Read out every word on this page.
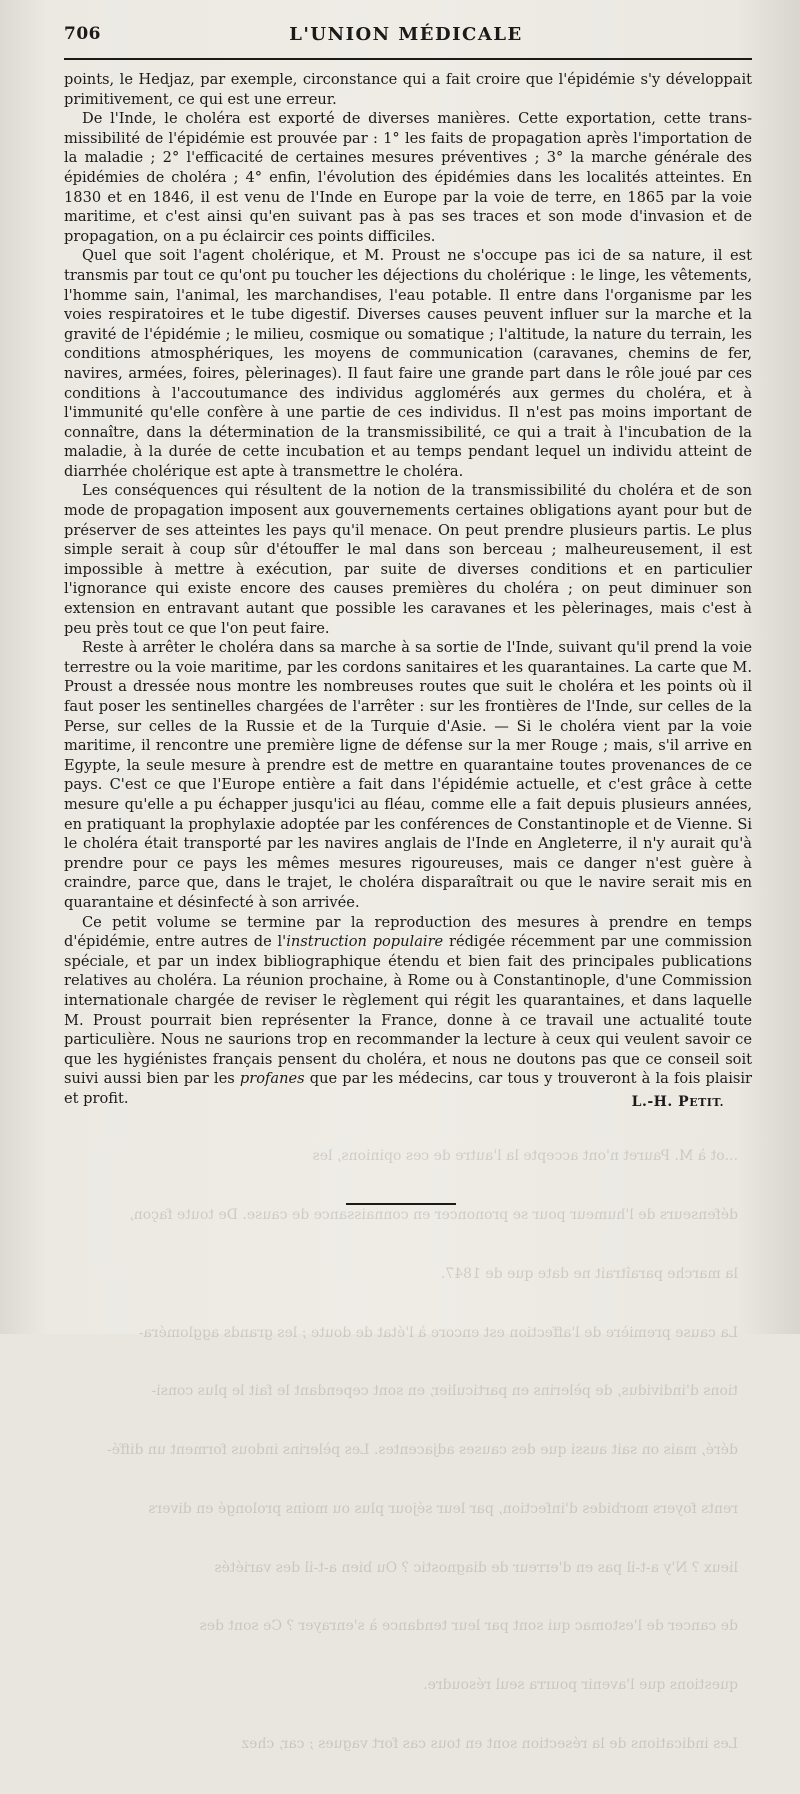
706	L'UNION MÉDICALE

...ot à M. Pauret n'ont accepte la l'autre de ces opinions, les

défenseurs de l'humeur pour se prononcer en connaissance de cause. De toute façon,

la marche paraîtrait ne date que de 1847.

La cause première de l'affection est encore à l'état de doute ; les grands aggloméra-

tions d'individus, de pèlerins en particulier, en sont cependant le fait le plus consi-

déré, mais on sait aussi que des causes adjacentes. Les pèlerins indous forment un diffé-

rents foyers morbides d'infection, par leur séjour plus ou moins prolongé en divers

lieux ? N'y a-t-il pas en d'erreur de diagnostic ? Ou bien a-t-il des variétés

de cancer de l'estomac qui sont par leur tendance à s'enrayer ? Ce sont des

questions que l'avenir pourra seul résoudre.

Les indications de la résection sont en tous cas fort vagues ; car, chez

points, le Hedjaz, par exemple, circonstance qui a fait croire que l'épidémie s'y développait primitivement, ce qui est une erreur.

De l'Inde, le choléra est exporté de diverses manières. Cette exportation, cette transmissibilité de l'épidémie est prouvée par : 1° les faits de propagation après l'importation de la maladie ; 2° l'efficacité de certaines mesures préventives ; 3° la marche générale des épidémies de choléra ; 4° enfin, l'évolution des épidémies dans les localités atteintes. En 1830 et en 1846, il est venu de l'Inde en Europe par la voie de terre, en 1865 par la voie maritime, et c'est ainsi qu'en suivant pas à pas ses traces et son mode d'invasion et de propagation, on a pu éclaircir ces points difficiles.

Quel que soit l'agent cholérique, et M. Proust ne s'occupe pas ici de sa nature, il est transmis par tout ce qu'ont pu toucher les déjections du cholérique : le linge, les vêtements, l'homme sain, l'animal, les marchandises, l'eau potable. Il entre dans l'organisme par les voies respiratoires et le tube digestif. Diverses causes peuvent influer sur la marche et la gravité de l'épidémie ; le milieu, cosmique ou somatique ; l'altitude, la nature du terrain, les conditions atmosphériques, les moyens de communication (caravanes, chemins de fer, navires, armées, foires, pèlerinages). Il faut faire une grande part dans le rôle joué par ces conditions à l'accoutumance des individus agglomérés aux germes du choléra, et à l'immunité qu'elle confère à une partie de ces individus. Il n'est pas moins important de connaître, dans la détermination de la transmissibilité, ce qui a trait à l'incubation de la maladie, à la durée de cette incubation et au temps pendant lequel un individu atteint de diarrhée cholérique est apte à transmettre le choléra.

Les conséquences qui résultent de la notion de la transmissibilité du choléra et de son mode de propagation imposent aux gouvernements certaines obligations ayant pour but de préserver de ses atteintes les pays qu'il menace. On peut prendre plusieurs partis. Le plus simple serait à coup sûr d'étouffer le mal dans son berceau ; malheureusement, il est impossible à mettre à exécution, par suite de diverses conditions et en particulier l'ignorance qui existe encore des causes premières du choléra ; on peut diminuer son extension en entravant autant que possible les caravanes et les pèlerinages, mais c'est à peu près tout ce que l'on peut faire.

Reste à arrêter le choléra dans sa marche à sa sortie de l'Inde, suivant qu'il prend la voie terrestre ou la voie maritime, par les cordons sanitaires et les quarantaines. La carte que M. Proust a dressée nous montre les nombreuses routes que suit le choléra et les points où il faut poser les sentinelles chargées de l'arrêter : sur les frontières de l'Inde, sur celles de la Perse, sur celles de la Russie et de la Turquie d'Asie. — Si le choléra vient par la voie maritime, il rencontre une première ligne de défense sur la mer Rouge ; mais, s'il arrive en Egypte, la seule mesure à prendre est de mettre en quarantaine toutes provenances de ce pays. C'est ce que l'Europe entière a fait dans l'épidémie actuelle, et c'est grâce à cette mesure qu'elle a pu échapper jusqu'ici au fléau, comme elle a fait depuis plusieurs années, en pratiquant la prophylaxie adoptée par les conférences de Constantinople et de Vienne. Si le choléra était transporté par les navires anglais de l'Inde en Angleterre, il n'y aurait qu'à prendre pour ce pays les mêmes mesures rigoureuses, mais ce danger n'est guère à craindre, parce que, dans le trajet, le choléra disparaîtrait ou que le navire serait mis en quarantaine et désinfecté à son arrivée.

Ce petit volume se termine par la reproduction des mesures à prendre en temps d'épidémie, entre autres de l'instruction populaire rédigée récemment par une commission spéciale, et par un index bibliographique étendu et bien fait des principales publications relatives au choléra. La réunion prochaine, à Rome ou à Constantinople, d'une Commission internationale chargée de reviser le règlement qui régit les quarantaines, et dans laquelle M. Proust pourrait bien représenter la France, donne à ce travail une actualité toute particulière. Nous ne saurions trop en recommander la lecture à ceux qui veulent savoir ce que les hygiénistes français pensent du choléra, et nous ne doutons pas que ce conseil soit suivi aussi bien par les profanes que par les médecins, car tous y trouveront à la fois plaisir et profit.	L.-H. PETIT.
